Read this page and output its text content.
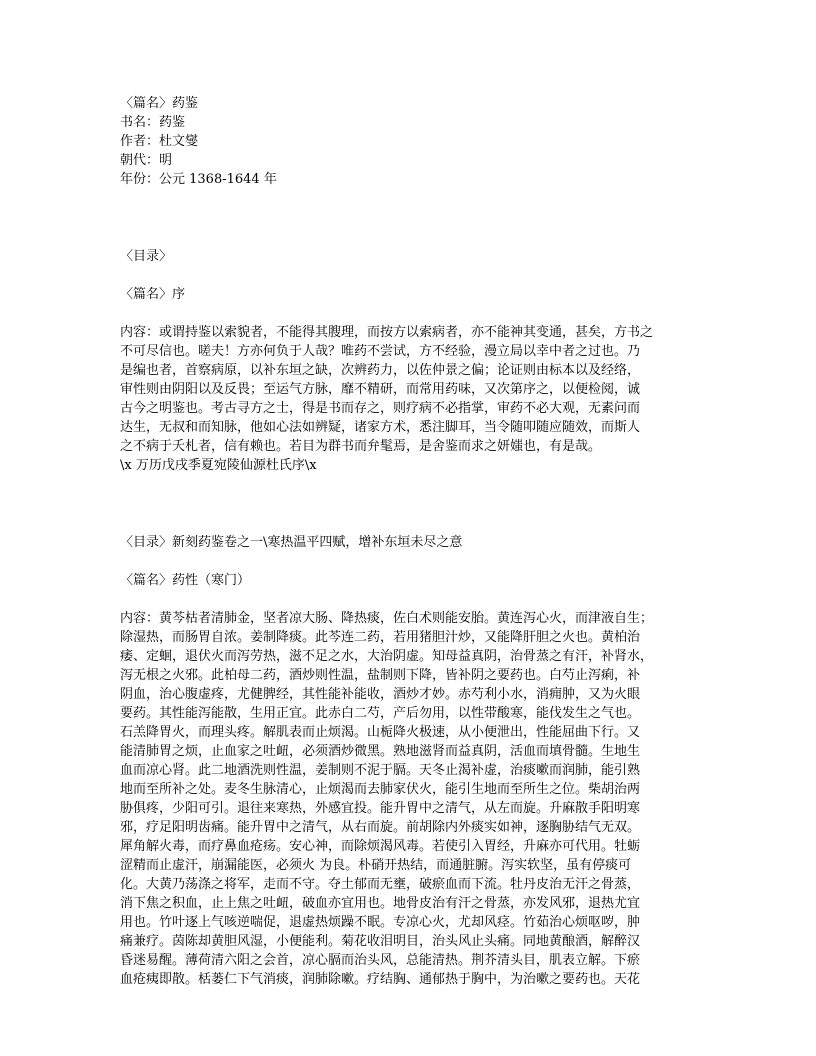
〈篇名〉药鉴
书名：药鉴
作者：杜文燮
朝代：明
年份：公元 1368-1644 年
〈目录〉
〈篇名〉序
内容：或谓持鉴以索貌者，不能得其膄理，而按方以索病者，亦不能神其变通，甚矣，方书之
不可尽信也。嗟夫！方亦何负于人哉？唯药不尝试，方不经验，漫立局以幸中者之过也。乃
是编也者，首察病原，以补东垣之缺，次辨药力，以佐仲景之偏；论证则由标本以及经络，
审性则由阴阳以及反畏；至运气方脉，靡不精研，而常用药味，又次第序之，以便检阅，诚
古今之明鉴也。考古寻方之士，得是书而存之，则疗病不必指掌，审药不必大观，无素问而
达生，无叔和而知脉，他如心法如辨疑，诸家方术，悉注脚耳，当令随叩随应随效，而斯人
之不病于夭札者，信有赖也。若目为群书而弁髦焉，是舍鉴而求之妍媸也，有是哉。
\x 万历戊戌季夏宛陵仙源杜氏序\x
〈目录〉新刻药鉴卷之一\寒热温平四赋，增补东垣未尽之意
〈篇名〉药性（寒门）
内容：黄芩枯者清肺金，坚者凉大肠、降热痰，佐白术则能安胎。黄连泻心火，而津液自生；
除湿热，而肠胃自浓。姜制降痰。此芩连二药，若用猪胆汁炒，又能降肝胆之火也。黄柏治
痿、定蛔，退伏火而泻劳热，滋不足之水，大治阴虚。知母益真阴，治骨蒸之有汗，补肾水，
泻无根之火邪。此柏母二药，酒炒则性温，盐制则下降，皆补阴之要药也。白芍止泻痢，补
阴血，治心腹虚疼，尤健脾经，其性能补能收，酒炒才妙。赤芍利小水，消痈肿，又为火眼
要药。其性能泻能散，生用正宜。此赤白二芍，产后勿用，以性带酸寒，能伐发生之气也。
石羔降胃火，而理头疼。解肌表而止烦渴。山栀降火极速，从小便泄出，性能屈曲下行。又
能清肺胃之烦，止血家之吐衄，必须酒炒微黑。熟地滋肾而益真阴，活血而填骨髓。生地生
血而凉心肾。此二地酒洗则性温，姜制则不泥于膈。天冬止渴补虚，治痰嗽而润肺，能引熟
地而至所补之处。麦冬生脉清心，止烦渴而去肺家伏火，能引生地而至所生之位。柴胡治两
胁俱疼，少阳可引。退往来寒热，外感宜投。能升胃中之清气，从左而旋。升麻散手阳明寒
邪，疗足阳明齿痛。能升胃中之清气，从右而旋。前胡除内外痰实如神，逐胸胁结气无双。
犀角解火毒，而疗鼻血疮疡。安心神，而除烦渴风毒。若使引入胃经，升麻亦可代用。牡蛎
涩精而止虚汗，崩漏能医，必须火 为良。朴硝开热结，而通脏腑。泻实软坚，虽有停痰可
化。大黄乃荡涤之将军，走而不守。夺土郁而无壅，破瘀血而下流。牡丹皮治无汗之骨蒸，
消下焦之积血，止上焦之吐衄，破血亦宜用也。地骨皮治有汗之骨蒸，亦发风邪，退热尤宜
用也。竹叶逐上气咳逆喘促，退虚热烦躁不眠。专凉心火，尤却风痉。竹茹治心烦呕哕，肿
痛兼疗。茵陈却黄胆风湿，小便能利。菊花收泪明目，治头风止头痛。同地黄酿酒，解醉汉
昏迷易醒。薄荷清六阳之会首，凉心膈而治头风，总能清热。荆芥清头目，肌表立解。下瘀
血疮痍即散。栝蒌仁下气消痰，润肺除嗽。疗结胸、通郁热于胸中，为治嗽之要药也。天花
